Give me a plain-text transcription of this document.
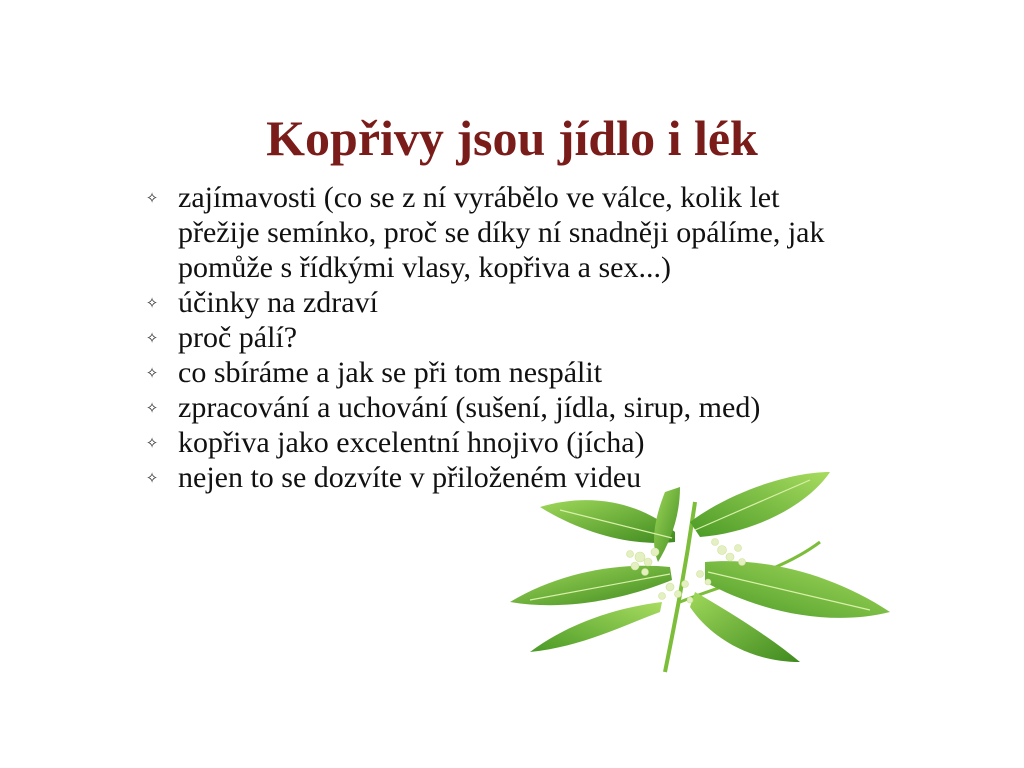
Kopřivy jsou jídlo i lék
✧ zajímavosti (co se z ní vyrábělo ve válce, kolik let přežije semínko, proč se díky ní snadněji opálíme, jak pomůže s řídkými vlasy, kopřiva a sex...)
✧ účinky na zdraví
✧ proč pálí?
✧ co sbíráme a jak se při tom nespálit
✧ zpracování a uchování (sušení, jídla, sirup, med)
✧ kopřiva jako excelentní hnojivo (jícha)
✧ nejen to se dozvíte v přiloženém videu
